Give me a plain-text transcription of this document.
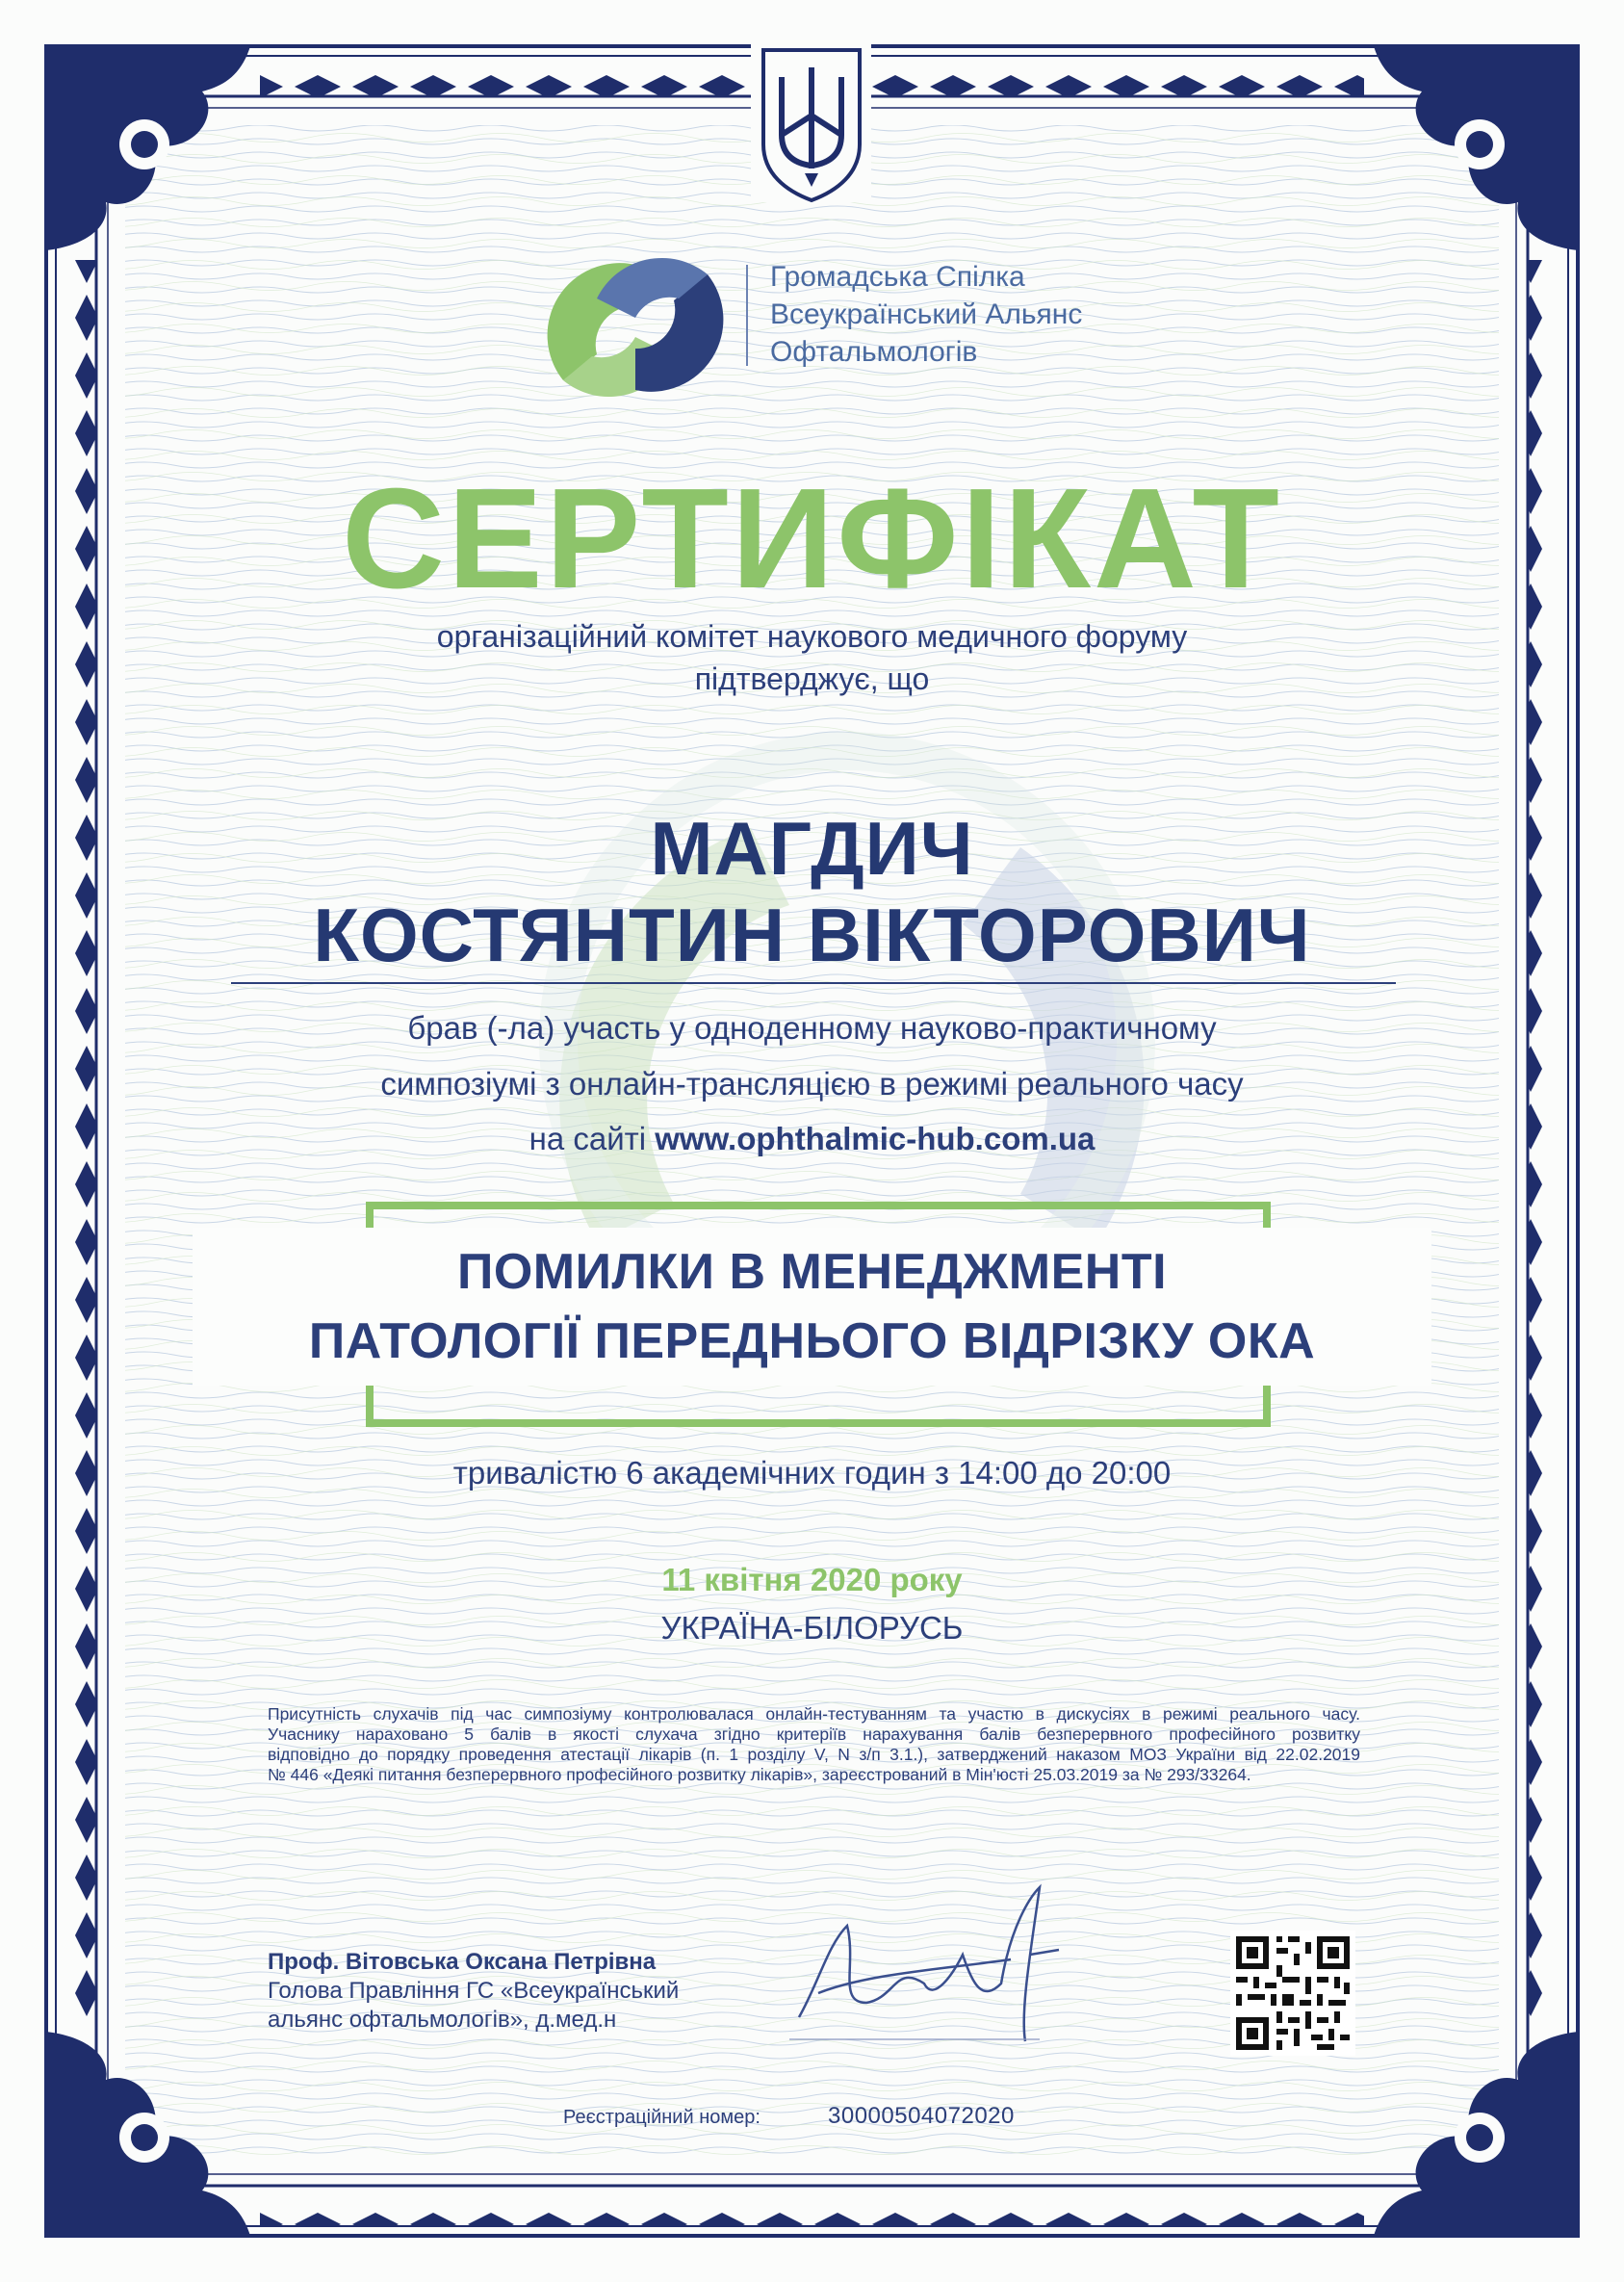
Громадська Спілка
Всеукраїнський Альянс
Офтальмологів
СЕРТИФІКАТ
організаційний комітет наукового медичного форуму
підтверджує, що
МАГДИЧ
КОСТЯНТИН ВІКТОРОВИЧ
брав (-ла) участь у одноденному науково-практичному
симпозіумі з онлайн-трансляцією в режимі реального часу
на сайті www.ophthalmic-hub.com.ua
ПОМИЛКИ В МЕНЕДЖМЕНТІ
ПАТОЛОГІЇ ПЕРЕДНЬОГО ВІДРІЗКУ ОКА
тривалістю 6 академічних годин з 14:00 до 20:00
11 квітня 2020 року
УКРАЇНА-БІЛОРУСЬ
Присутність слухачів під час симпозіуму контролювалася онлайн-тестуванням та участю в дискусіях в режимі реального часу.
Учаснику нараховано 5 балів в якості слухача згідно критеріїв нарахування балів безперервного професійного розвитку
відповідно до порядку проведення атестації лікарів (п. 1 розділу V, N з/п 3.1.), затверджений наказом МОЗ України від 22.02.2019
№ 446 «Деякі питання безперервного професійного розвитку лікарів», зареєстрований в Мін'юсті 25.03.2019 за № 293/33264.
Проф. Вітовська Оксана Петрівна
Голова Правління ГС «Всеукраїнський
альянс офтальмологів», д.мед.н
Реєстраційний номер:	30000504072020
